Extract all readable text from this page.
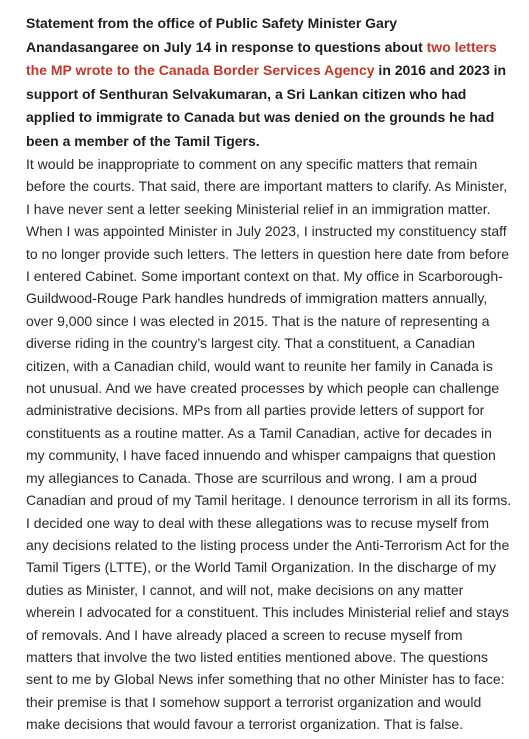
Statement from the office of Public Safety Minister Gary Anandasangaree on July 14 in response to questions about two letters the MP wrote to the Canada Border Services Agency in 2016 and 2023 in support of Senthuran Selvakumaran, a Sri Lankan citizen who had applied to immigrate to Canada but was denied on the grounds he had been a member of the Tamil Tigers.

It would be inappropriate to comment on any specific matters that remain before the courts. That said, there are important matters to clarify. As Minister, I have never sent a letter seeking Ministerial relief in an immigration matter. When I was appointed Minister in July 2023, I instructed my constituency staff to no longer provide such letters. The letters in question here date from before I entered Cabinet. Some important context on that. My office in Scarborough-Guildwood-Rouge Park handles hundreds of immigration matters annually, over 9,000 since I was elected in 2015. That is the nature of representing a diverse riding in the country’s largest city. That a constituent, a Canadian citizen, with a Canadian child, would want to reunite her family in Canada is not unusual. And we have created processes by which people can challenge administrative decisions. MPs from all parties provide letters of support for constituents as a routine matter. As a Tamil Canadian, active for decades in my community, I have faced innuendo and whisper campaigns that question my allegiances to Canada. Those are scurrilous and wrong. I am a proud Canadian and proud of my Tamil heritage. I denounce terrorism in all its forms. I decided one way to deal with these allegations was to recuse myself from any decisions related to the listing process under the Anti-Terrorism Act for the Tamil Tigers (LTTE), or the World Tamil Organization. In the discharge of my duties as Minister, I cannot, and will not, make decisions on any matter wherein I advocated for a constituent. This includes Ministerial relief and stays of removals. And I have already placed a screen to recuse myself from matters that involve the two listed entities mentioned above. The questions sent to me by Global News infer something that no other Minister has to face: their premise is that I somehow support a terrorist organization and would make decisions that would favour a terrorist organization. That is false.
